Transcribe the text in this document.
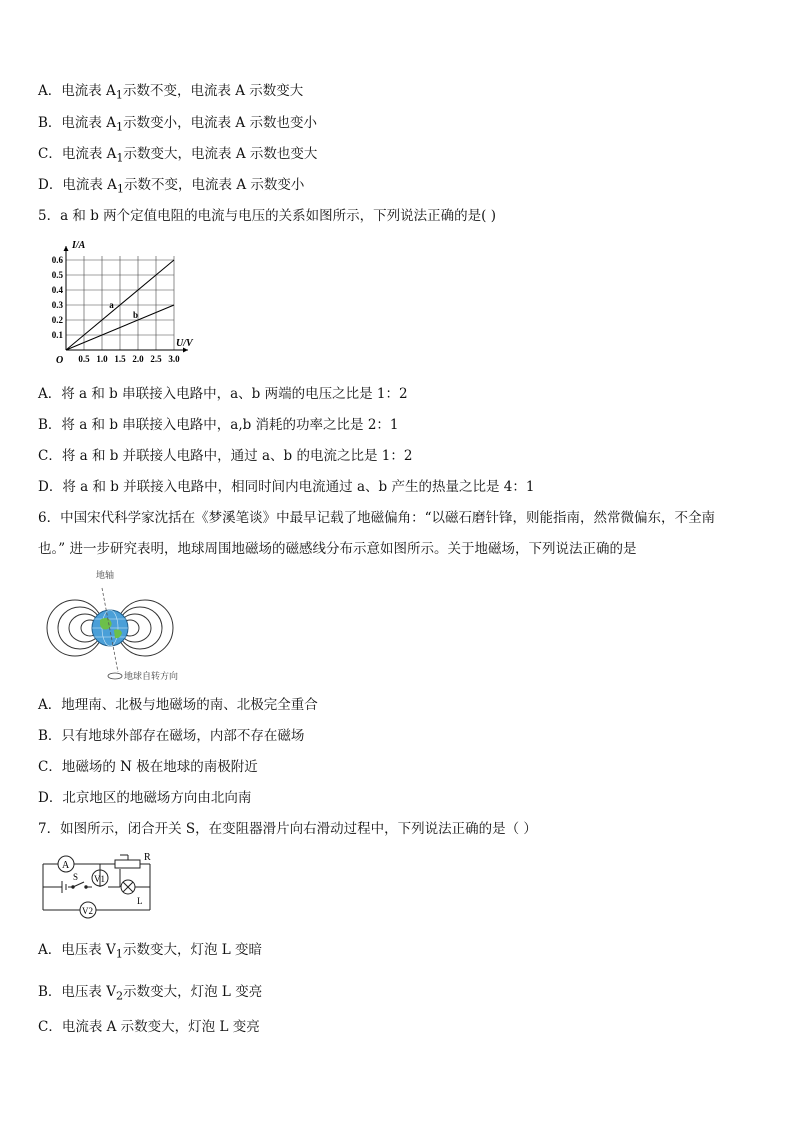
A．电流表 $A_1$示数不变，电流表 A 示数变大
B．电流表 $A_1$示数变小，电流表 A 示数也变小
C．电流表 $A_1$示数变大，电流表 A 示数也变大
D．电流表 $A_1$示数不变，电流表 A 示数变小
5．a 和 b 两个定值电阻的电流与电压的关系如图所示，下列说法正确的是( )
0.5 1.0 1.5 2.0 2.5 3.0
0.1
0.2
0.3
0.4
0.5
0.6
a
b
I/A
U/V
O
A．将 a 和 b 串联接入电路中，a、b 两端的电压之比是 1：2
B．将 a 和 b 串联接入电路中，a,b 消耗的功率之比是 2：1
C．将 a 和 b 并联接人电路中，通过 a、b 的电流之比是 1：2
D．将 a 和 b 并联接入电路中，相同时间内电流通过 a、b 产生的热量之比是 4：1
6．中国宋代科学家沈括在《梦溪笔谈》中最早记载了地磁偏角：“以磁石磨针锋，则能指南，然常微偏东，不全南
也。” 进一步研究表明，地球周围地磁场的磁感线分布示意如图所示。关于地磁场，下列说法正确的是
地轴
地球自转方向
A．地理南、北极与地磁场的南、北极完全重合
B．只有地球外部存在磁场，内部不存在磁场
C．地磁场的 N 极在地球的南极附近
D．北京地区的地磁场方向由北向南
7．如图所示，闭合开关 S，在变阻器滑片向右滑动过程中，下列说法正确的是（ ）
A
V1
V2
S
R
L
A．电压表 $V_1$示数变大，灯泡 L 变暗
B．电压表 $V_2$示数变大，灯泡 L 变亮
C．电流表 A 示数变大，灯泡 L 变亮
